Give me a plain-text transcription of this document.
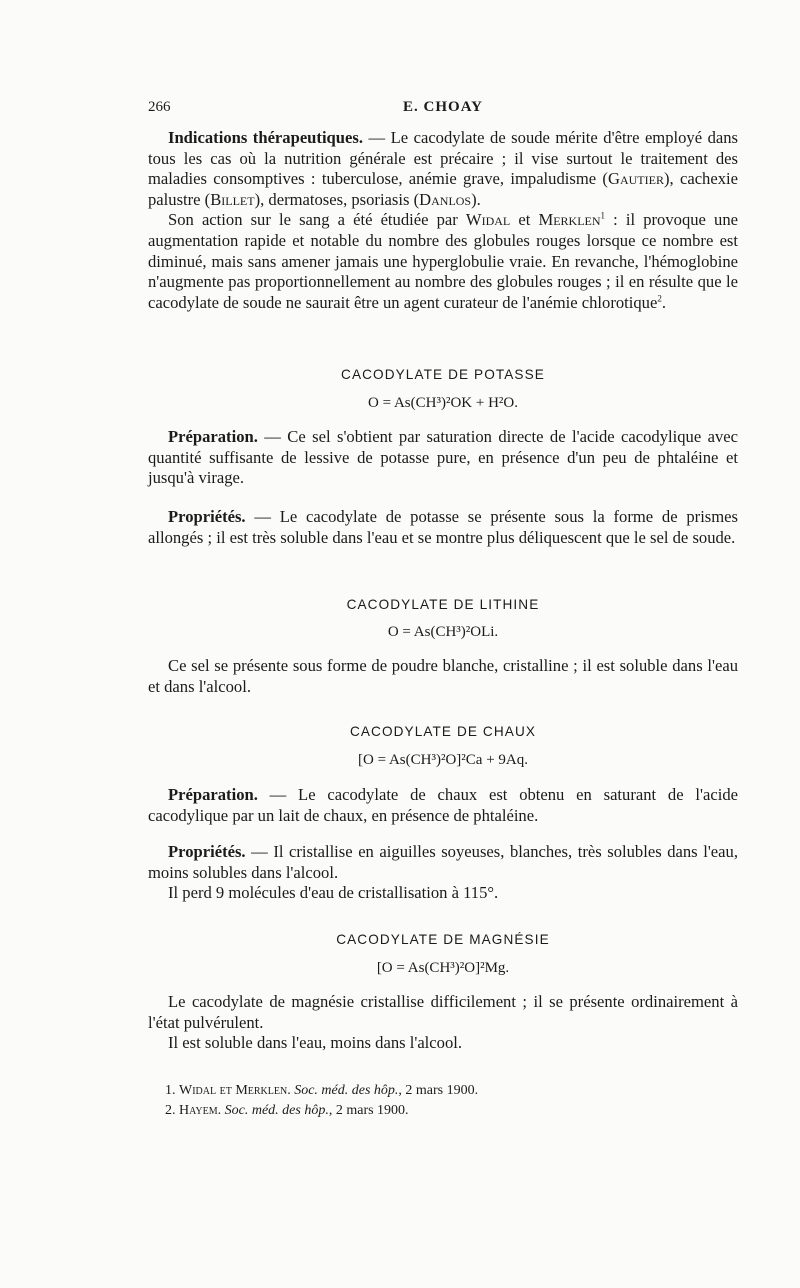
266	E. CHOAY

Indications thérapeutiques. — Le cacodylate de soude mérite d'être employé dans tous les cas où la nutrition générale est précaire ; il vise surtout le traitement des maladies consomptives : tuberculose, anémie grave, impaludisme (Gautier), cachexie palustre (Billet), dermatoses, psoriasis (Danlos).

Son action sur le sang a été étudiée par Widal et Merklen$^1$ : il provoque une augmentation rapide et notable du nombre des globules rouges lorsque ce nombre est diminué, mais sans amener jamais une hyperglobulie vraie. En revanche, l'hémoglobine n'augmente pas proportionnellement au nombre des globules rouges ; il en résulte que le cacodylate de soude ne saurait être un agent curateur de l'anémie chlorotique$^2$.

CACODYLATE DE POTASSE
O = As(CH³)²OK + H²O.

Préparation. — Ce sel s'obtient par saturation directe de l'acide cacodylique avec quantité suffisante de lessive de potasse pure, en présence d'un peu de phtaléine et jusqu'à virage.

Propriétés. — Le cacodylate de potasse se présente sous la forme de prismes allongés ; il est très soluble dans l'eau et se montre plus déliquescent que le sel de soude.

CACODYLATE DE LITHINE
O = As(CH³)²OLi.

Ce sel se présente sous forme de poudre blanche, cristalline ; il est soluble dans l'eau et dans l'alcool.

CACODYLATE DE CHAUX
[O = As(CH³)²O]²Ca + 9Aq.

Préparation. — Le cacodylate de chaux est obtenu en saturant de l'acide cacodylique par un lait de chaux, en présence de phtaléine.

Propriétés. — Il cristallise en aiguilles soyeuses, blanches, très solubles dans l'eau, moins solubles dans l'alcool.

Il perd 9 molécules d'eau de cristallisation à 115°.

CACODYLATE DE MAGNÉSIE
[O = As(CH³)²O]²Mg.

Le cacodylate de magnésie cristallise difficilement ; il se présente ordinairement à l'état pulvérulent.

Il est soluble dans l'eau, moins dans l'alcool.

1. Widal et Merklen. Soc. méd. des hôp., 2 mars 1900.
2. Hayem. Soc. méd. des hôp., 2 mars 1900.
